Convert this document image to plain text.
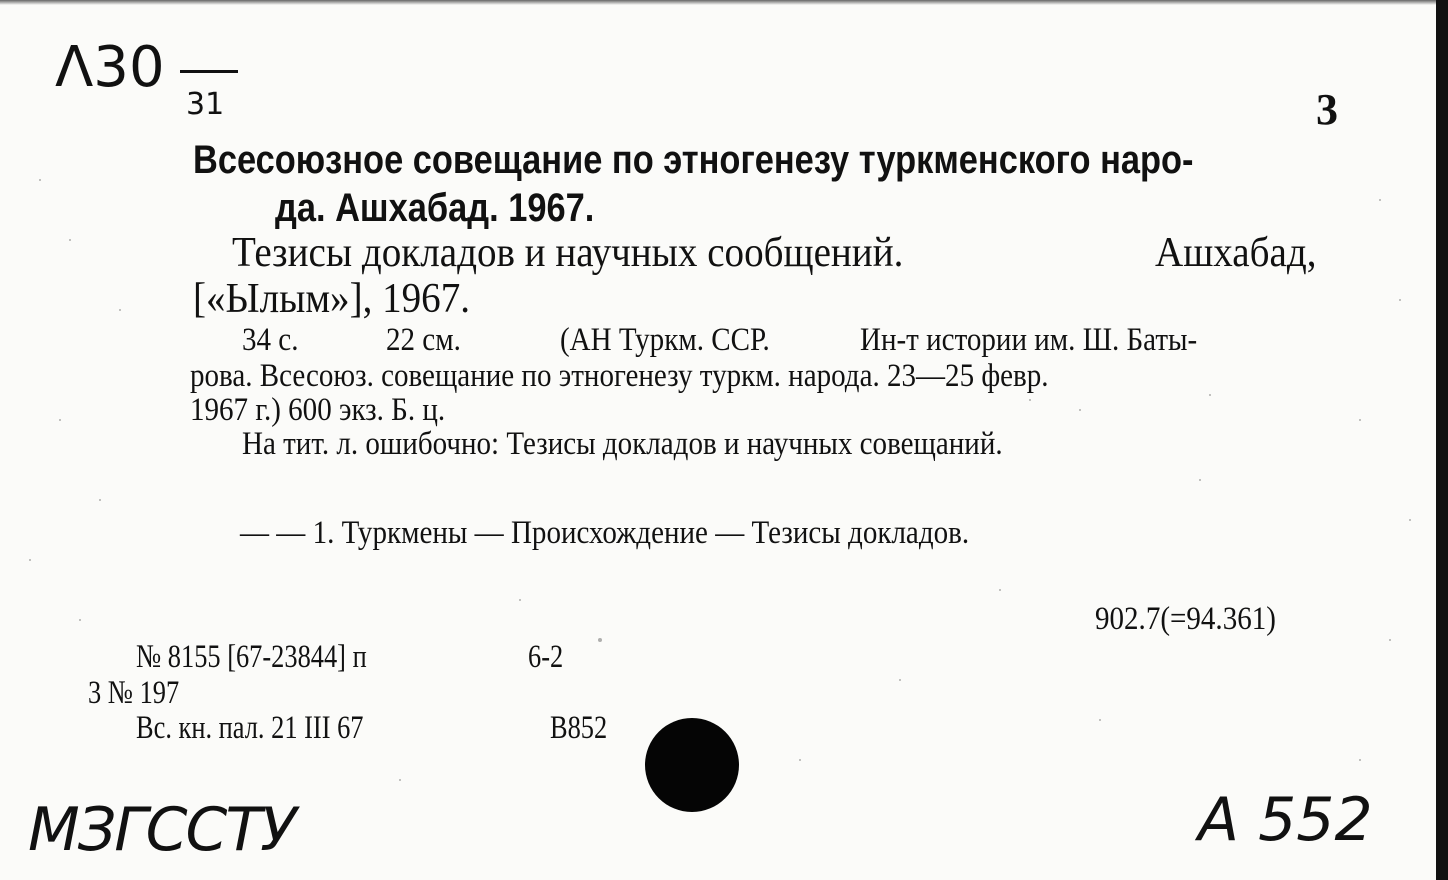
Λ30
31	3
Всесоюзное совещание по этногенезу туркменского наро-
да. Ашхабад. 1967.
Тезисы докладов и научных сообщений.	Ашхабад,
[«Ылым»], 1967.
34 с.	22 см.	(АН Туркм. ССР.	Ин-т истории им. Ш. Баты-
рова. Всесоюз. совещание по этногенезу туркм. народа. 23—25 февр.
1967 г.) 600 экз. Б. ц.
На тит. л. ошибочно: Тезисы докладов и научных совещаний.
— — 1. Туркмены — Происхождение — Тезисы докладов.
902.7(=94.361)
№ 8155 [67-23844] п	6-2
3 № 197
Вс. кн. пал. 21 III 67	В852
МЗГССТУ	А 552
